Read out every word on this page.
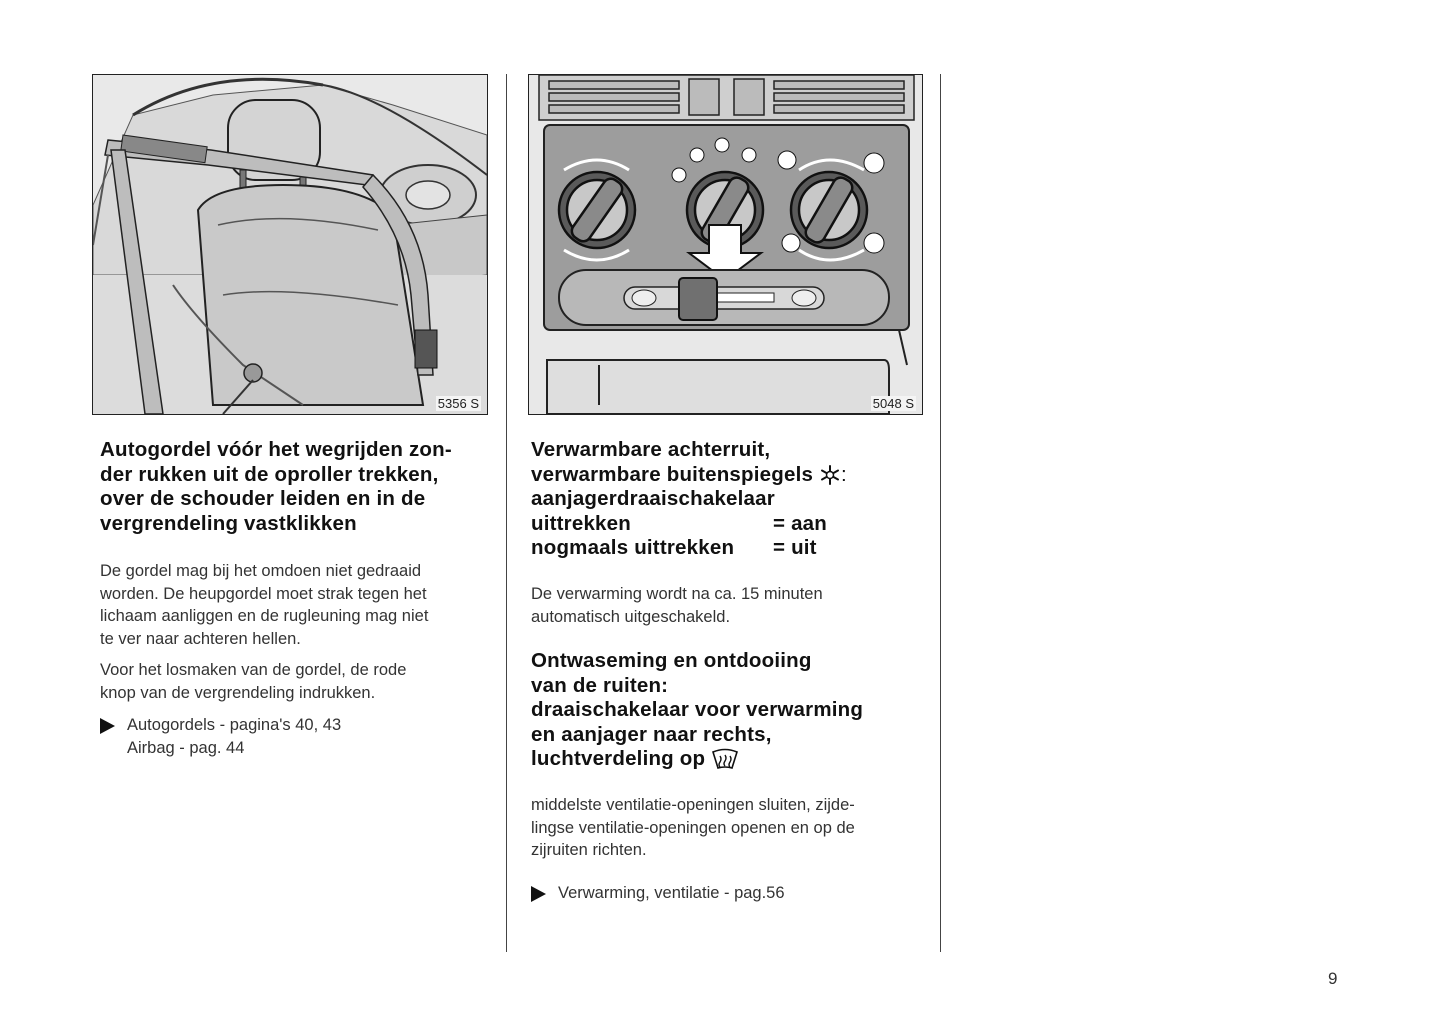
5356 S	5048 S
Autogordel vóór het wegrijden zon-
der rukken uit de oproller trekken,
over de schouder leiden en in de
vergrendeling vastklikken

De gordel mag bij het omdoen niet gedraaid
worden. De heupgordel moet strak tegen het
lichaam aanliggen en de rugleuning mag niet
te ver naar achteren hellen.

Voor het losmaken van de gordel, de rode
knop van de vergrendeling indrukken.

Autogordels - pagina's 40, 43
Airbag - pag. 44
Verwarmbare achterruit,
verwarmbare buitenspiegels :
aanjagerdraaischakelaar
uittrekken	= aan
nogmaals uittrekken	= uit

De verwarming wordt na ca. 15 minuten
automatisch uitgeschakeld.

Ontwaseming en ontdooiing
van de ruiten:
draaischakelaar voor verwarming
en aanjager naar rechts,
luchtverdeling op

middelste ventilatie-openingen sluiten, zijde-
lingse ventilatie-openingen openen en op de
zijruiten richten.

Verwarming, ventilatie - pag.56
9
